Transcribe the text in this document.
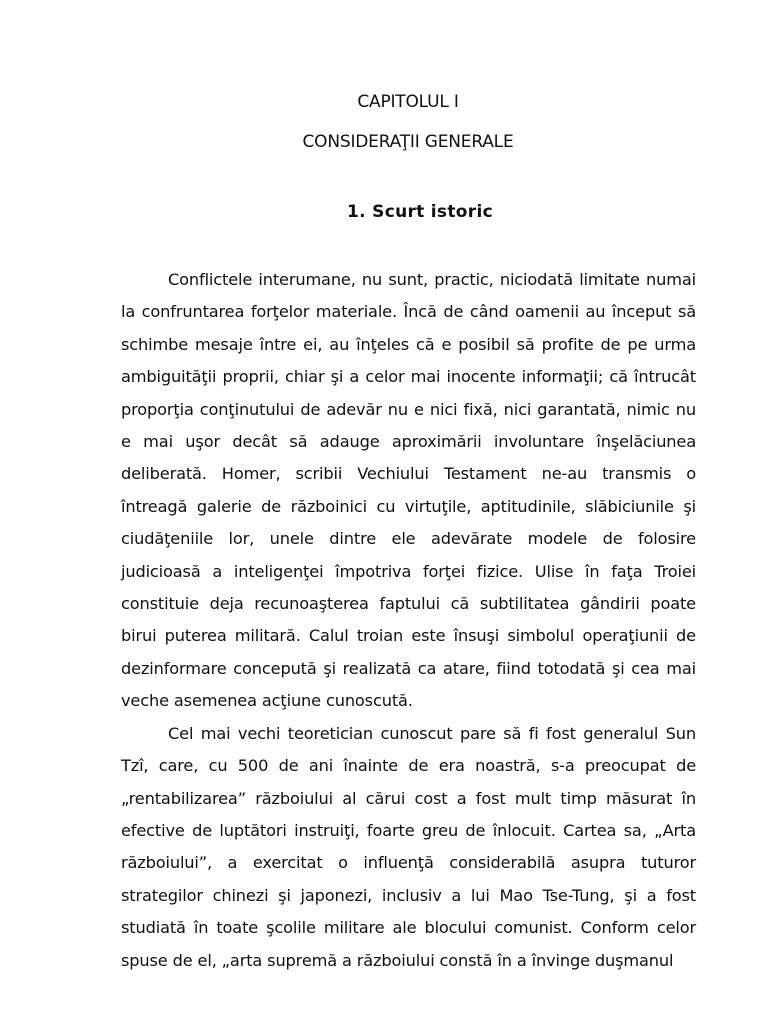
CAPITOLUL I
CONSIDERAŢII GENERALE
1. Scurt istoric

Conflictele interumane, nu sunt, practic, niciodată limitate numai la confruntarea forţelor materiale. Încă de când oamenii au început să schimbe mesaje între ei, au înţeles că e posibil să profite de pe urma ambiguităţii proprii, chiar şi a celor mai inocente informaţii; că întrucât proporţia conţinutului de adevăr nu e nici fixă, nici garantată, nimic nu e mai uşor decât să adauge aproximării involuntare înşelăciunea deliberată. Homer, scribii Vechiului Testament ne-au transmis o întreagă galerie de războinici cu virtuţile, aptitudinile, slăbiciunile şi ciudăţeniile lor, unele dintre ele adevărate modele de folosire judicioasă a inteligenţei împotriva forţei fizice. Ulise în faţa Troiei constituie deja recunoaşterea faptului că subtilitatea gândirii poate birui puterea militară. Calul troian este însuşi simbolul operaţiunii de dezinformare concepută şi realizată ca atare, fiind totodată şi cea mai veche asemenea acţiune cunoscută.

Cel mai vechi teoretician cunoscut pare să fi fost generalul Sun Tzî, care, cu 500 de ani înainte de era noastră, s-a preocupat de „rentabilizarea” războiului al cărui cost a fost mult timp măsurat în efective de luptători instruiţi, foarte greu de înlocuit. Cartea sa, „Arta războiului”, a exercitat o influenţă considerabilă asupra tuturor strategilor chinezi şi japonezi, inclusiv a lui Mao Tse-Tung, şi a fost studiată în toate şcolile militare ale blocului comunist. Conform celor spuse de el, „arta supremă a războiului constă în a învinge duşmanul
